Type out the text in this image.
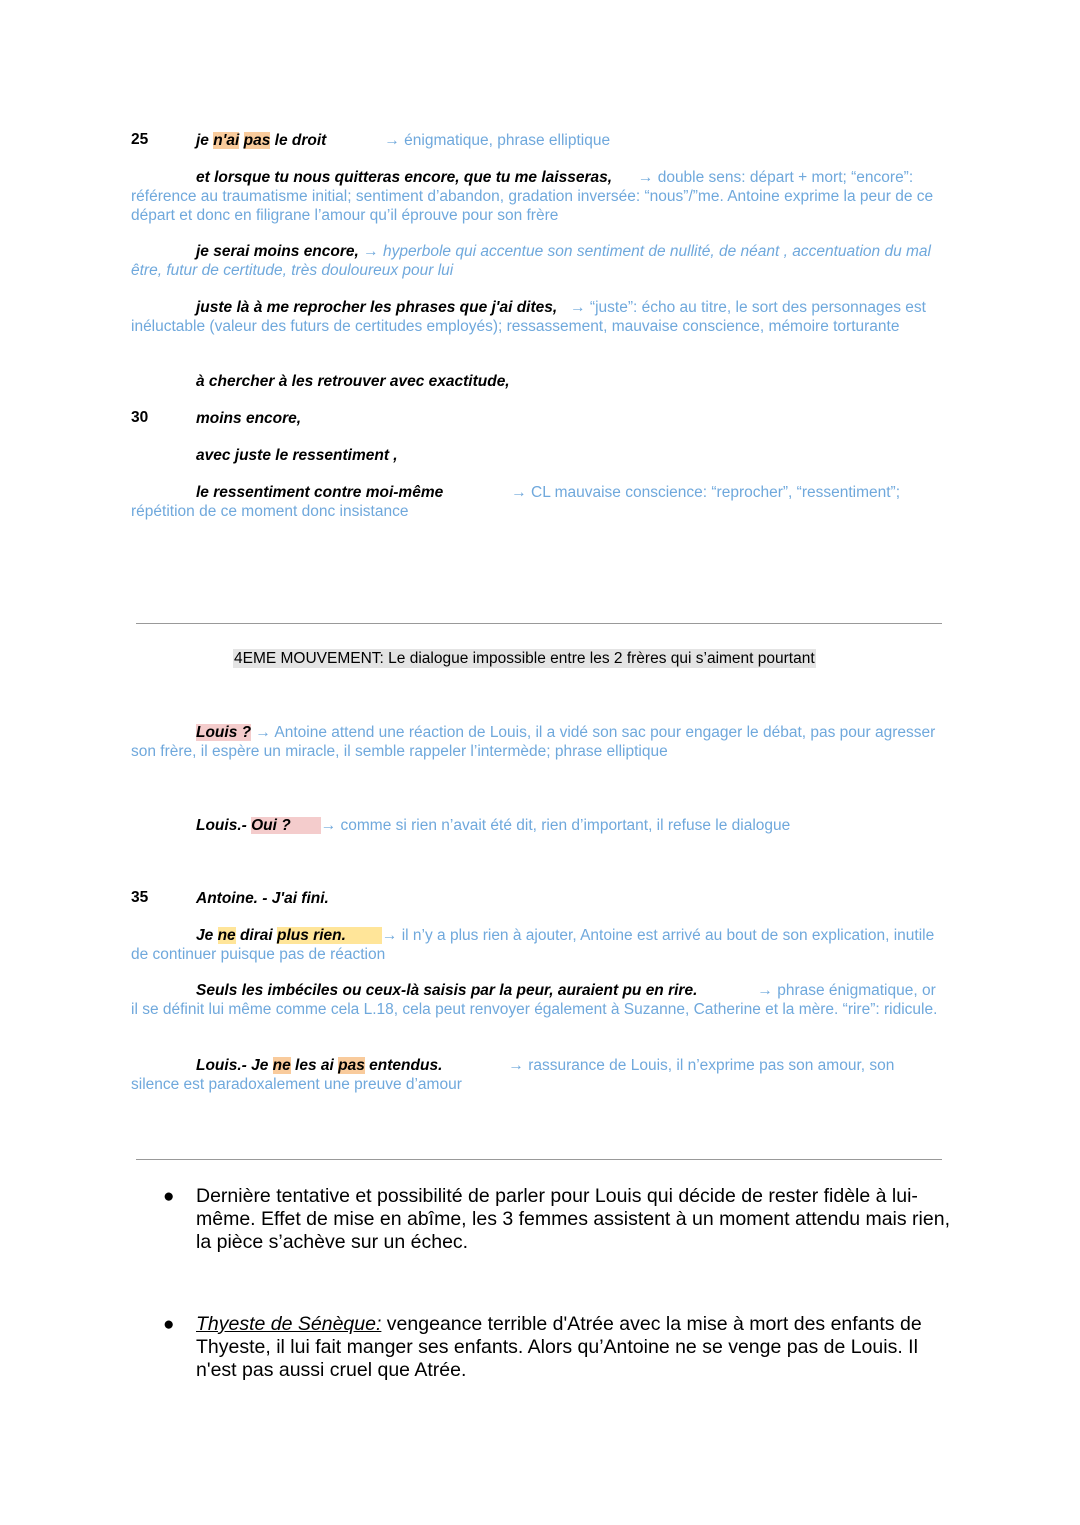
25	je n'ai pas le droit	→ énigmatique, phrase elliptique
et lorsque tu nous quitteras encore, que tu me laisseras, → double sens: départ + mort; “encore”: référence au traumatisme initial; sentiment d’abandon, gradation inversée: “nous”/”me. Antoine exprime la peur de ce départ et donc en filigrane l’amour qu’il éprouve pour son frère
je serai moins encore, → hyperbole qui accentue son sentiment de nullité, de néant , accentuation du mal être, futur de certitude, très douloureux pour lui
juste là à me reprocher les phrases que j'ai dites, → “juste”: écho au titre, le sort des personnages est inéluctable (valeur des futurs de certitudes employés); ressassement, mauvaise conscience, mémoire torturante
à chercher à les retrouver avec exactitude,
30	moins encore,
avec juste le ressentiment ,
le ressentiment contre moi-même	→ CL mauvaise conscience: “reprocher”, “ressentiment”; répétition de ce moment donc insistance
4EME MOUVEMENT: Le dialogue impossible entre les 2 frères qui s’aiment pourtant
Louis ? → Antoine attend une réaction de Louis, il a vidé son sac pour engager le débat, pas pour agresser son frère, il espère un miracle, il semble rappeler l’intermède; phrase elliptique
Louis.- Oui ? → comme si rien n’avait été dit, rien d’important, il refuse le dialogue
35	Antoine. - J'ai fini.
Je ne dirai plus rien. → il n’y a plus rien à ajouter, Antoine est arrivé au bout de son explication, inutile de continuer puisque pas de réaction
Seuls les imbéciles ou ceux-là saisis par la peur, auraient pu en rire.	→ phrase énigmatique, or il se définit lui même comme cela L.18, cela peut renvoyer également à Suzanne, Catherine et la mère. “rire”: ridicule.
Louis.- Je ne les ai pas entendus.	→ rassurance de Louis, il n’exprime pas son amour, son silence est paradoxalement une preuve d’amour
● Dernière tentative et possibilité de parler pour Louis qui décide de rester fidèle à lui-même. Effet de mise en abîme, les 3 femmes assistent à un moment attendu mais rien, la pièce s’achève sur un échec.
● Thyeste de Sénèque: vengeance terrible d'Atrée avec la mise à mort des enfants de Thyeste, il lui fait manger ses enfants. Alors qu’Antoine ne se venge pas de Louis. Il n'est pas aussi cruel que Atrée.
